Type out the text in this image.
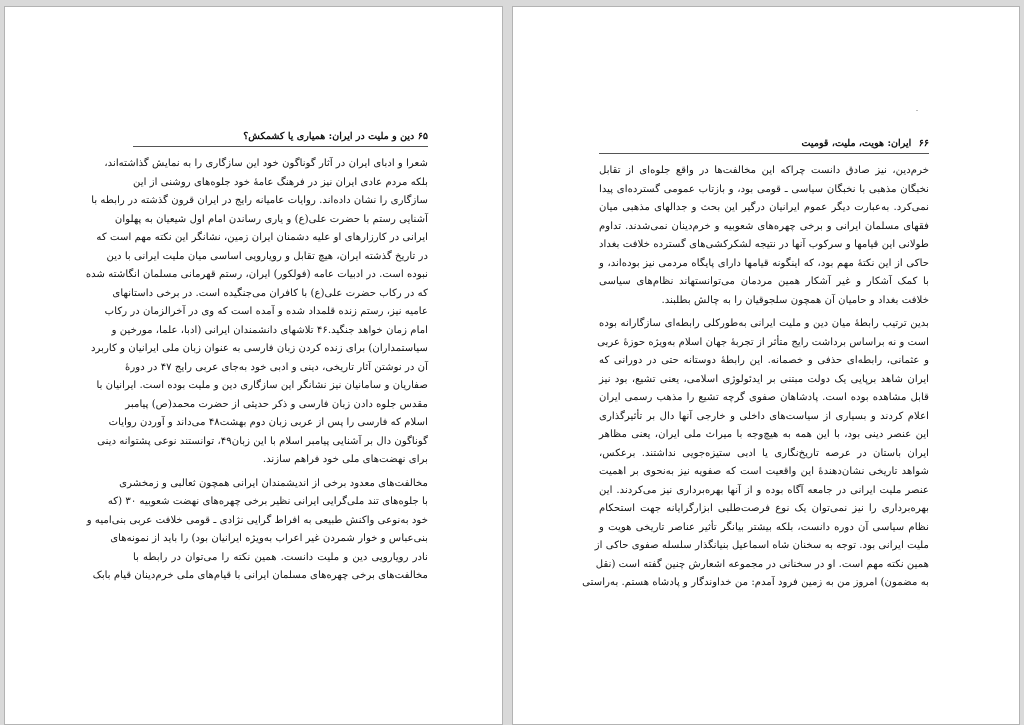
۶۵ دین و ملیت در ایران: همیاری یا کشمکش؟
شعرا و ادبای ایران در آثار گوناگون خود این سازگاری را به نمایش گذاشته‌اند،
بلکه مردم عادی ایران نیز در فرهنگ عامهٔ خود جلوه‌های روشنی از این
سازگاری را نشان داده‌اند. روایات عامیانه رایج در ایران قرون گذشته در رابطه با
آشنایی رستم با حضرت علی(ع) و یاری رساندن امام اول شیعیان به پهلوان
ایرانی در کارزارهای او علیه دشمنان ایران زمین، نشانگر این نکته مهم است که
در تاریخ گذشته ایران، هیچ تقابل و رویارویی اساسی میان ملیت ایرانی با دین
نبوده است. در ادبیات عامه (فولکور) ایران، رستم قهرمانی مسلمان انگاشته شده
که در رکاب حضرت علی(ع) با کافران می‌جنگیده است. در برخی داستانهای
عامیه نیز، رستم زنده قلمداد شده و آمده است که وی در آخرالزمان در رکاب
امام زمان خواهد جنگید.۴۶ تلاشهای دانشمندان ایرانی (ادبا، علما، مورخین و
سیاستمداران) برای زنده کردن زبان فارسی به عنوان زبان ملی ایرانیان و کاربرد
آن در نوشتن آثار تاریخی، دینی و ادبی خود به‌جای عربی رایج ۴۷ در دورهٔ
صفاریان و سامانیان نیز نشانگر این سازگاری دین و ملیت بوده است. ایرانیان با
مقدس جلوه دادن زبان فارسی و ذکر حدیثی از حضرت محمد(ص) پیامبر
اسلام که فارسی را پس از عربی زبان دوم بهشت۴۸ می‌داند و آوردن روایات
گوناگون دال بر آشنایی پیامبر اسلام با این زبان۴۹، توانستند نوعی پشتوانه دینی
برای نهضت‌های ملی خود فراهم سازند.
مخالفت‌های معدود برخی از اندیشمندان ایرانی همچون ثعالبی و زمخشری
با جلوه‌های تند ملی‌گرایی ایرانی نظیر برخی چهره‌های نهضت شعوبیه ۳۰ (که
خود به‌نوعی واکنش طبیعی به افراط گرایی نژادی ـ قومی خلافت عربی بنی‌امیه و
بنی‌عباس و خوار شمردن غیر اعراب به‌ویژه ایرانیان بود) را باید از نمونه‌های
نادر رویارویی دین و ملیت دانست. همین نکته را می‌توان در رابطه با
مخالفت‌های برخی چهره‌های مسلمان ایرانی با قیام‌های ملی خرم‌دینان قیام بابک
۶۶ ایران: هویت، ملیت، قومیت
خرم‌دین، نیز صادق دانست چراکه این مخالفت‌ها در واقع جلوه‌ای از تقابل
نخبگان مذهبی با نخبگان سیاسی ـ قومی بود، و بازتاب عمومی گسترده‌ای پیدا
نمی‌کرد. به‌عبارت دیگر عموم ایرانیان درگیر این بحث و جدالهای مذهبی میان
فقهای مسلمان ایرانی و برخی چهره‌های شعوبیه و خرم‌دینان نمی‌شدند. تداوم
طولانی این قیامها و سرکوب آنها در نتیجه لشکرکشی‌های گسترده خلافت بغداد
حاکی از این نکتهٔ مهم بود، که اینگونه قیامها دارای پایگاه مردمی نیز بوده‌اند، و
با کمک آشکار و غیر آشکار همین مردمان می‌توانستهاند نظام‌های سیاسی
خلافت بغداد و حامیان آن همچون سلجوقیان را به چالش بطلبند.
بدین ترتیب رابطهٔ میان دین و ملیت ایرانی به‌طورکلی رابطه‌ای سازگارانه بوده
است و نه براساس برداشت رایج متأثر از تجربهٔ جهان اسلام به‌ویژه حوزهٔ عربی
و عثمانی، رابطه‌ای حذفی و خصمانه. این رابطهٔ دوستانه حتی در دورانی که
ایران شاهد برپایی یک دولت مبتنی بر ایدئولوژی اسلامی، یعنی تشیع، بود نیز
قابل مشاهده بوده است. پادشاهان صفوی گرچه تشیع را مذهب رسمی ایران
اعلام کردند و بسیاری از سیاست‌های داخلی و خارجی آنها دال بر تأثیرگذاری
این عنصر دینی بود، با این همه به هیچ‌وجه با میراث ملی ایران، یعنی مظاهر
ایران باستان در عرصه تاریخ‌نگاری یا ادبی ستیزه‌جویی نداشتند. برعکس،
شواهد تاریخی نشان‌دهندهٔ این واقعیت است که صفویه نیز به‌نحوی بر اهمیت
عنصر ملیت ایرانی در جامعه آگاه بوده و از آنها بهره‌برداری نیز می‌کردند. این
بهره‌برداری را نیز نمی‌توان یک نوع فرصت‌طلبی ابزارگرایانه جهت استحکام
نظام سیاسی آن دوره دانست، بلکه بیشتر بیانگر تأثیر عناصر تاریخی هویت و
ملیت ایرانی بود. توجه به سخنان شاه اسماعیل بنیانگذار سلسله صفوی حاکی از
همین نکته مهم است. او در سخنانی در مجموعه اشعارش چنین گفته است (نقل
به مضمون) امروز من به زمین فرود آمدم: من خداوندگار و پادشاه هستم. به‌راستی
